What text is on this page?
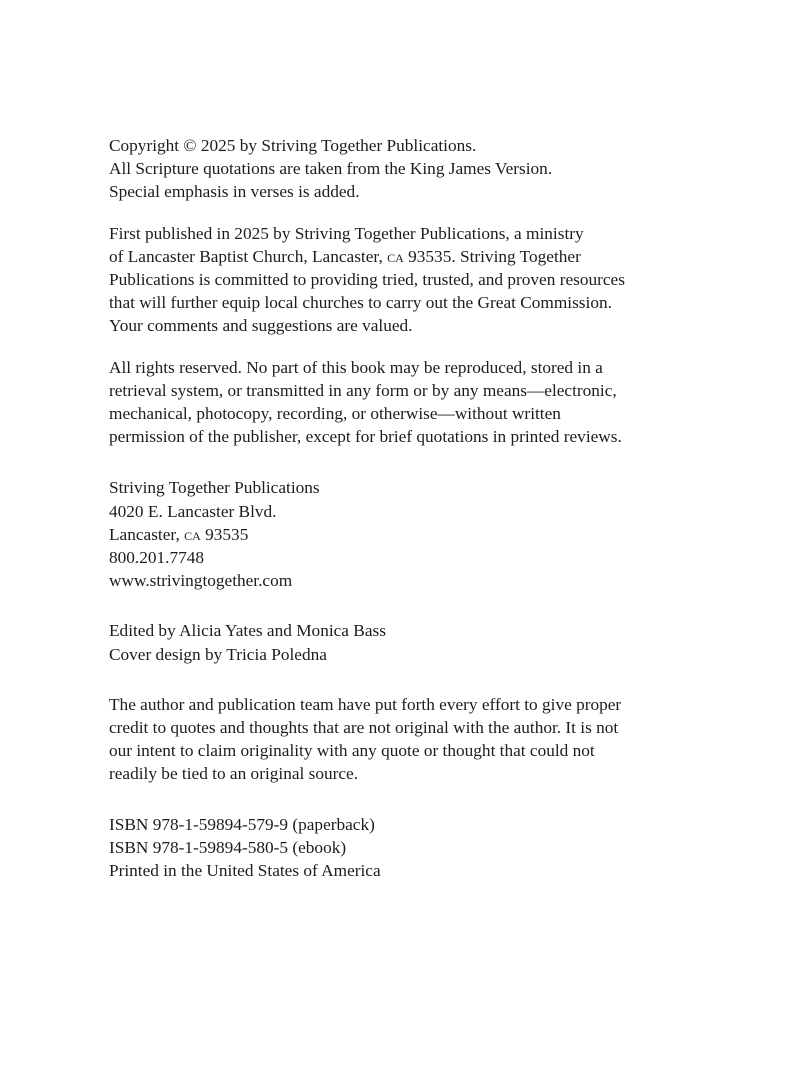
Copyright © 2025 by Striving Together Publications.
All Scripture quotations are taken from the King James Version.
Special emphasis in verses is added.
First published in 2025 by Striving Together Publications, a ministry
of Lancaster Baptist Church, Lancaster, ca 93535. Striving Together
Publications is committed to providing tried, trusted, and proven resources
that will further equip local churches to carry out the Great Commission.
Your comments and suggestions are valued.
All rights reserved. No part of this book may be reproduced, stored in a
retrieval system, or transmitted in any form or by any means—electronic,
mechanical, photocopy, recording, or otherwise—without written
permission of the publisher, except for brief quotations in printed reviews.
Striving Together Publications
4020 E. Lancaster Blvd.
Lancaster, ca 93535
800.201.7748
www.strivingtogether.com
Edited by Alicia Yates and Monica Bass
Cover design by Tricia Poledna
The author and publication team have put forth every effort to give proper
credit to quotes and thoughts that are not original with the author. It is not
our intent to claim originality with any quote or thought that could not
readily be tied to an original source.
ISBN 978-1-59894-579-9 (paperback)
ISBN 978-1-59894-580-5 (ebook)
Printed in the United States of America
